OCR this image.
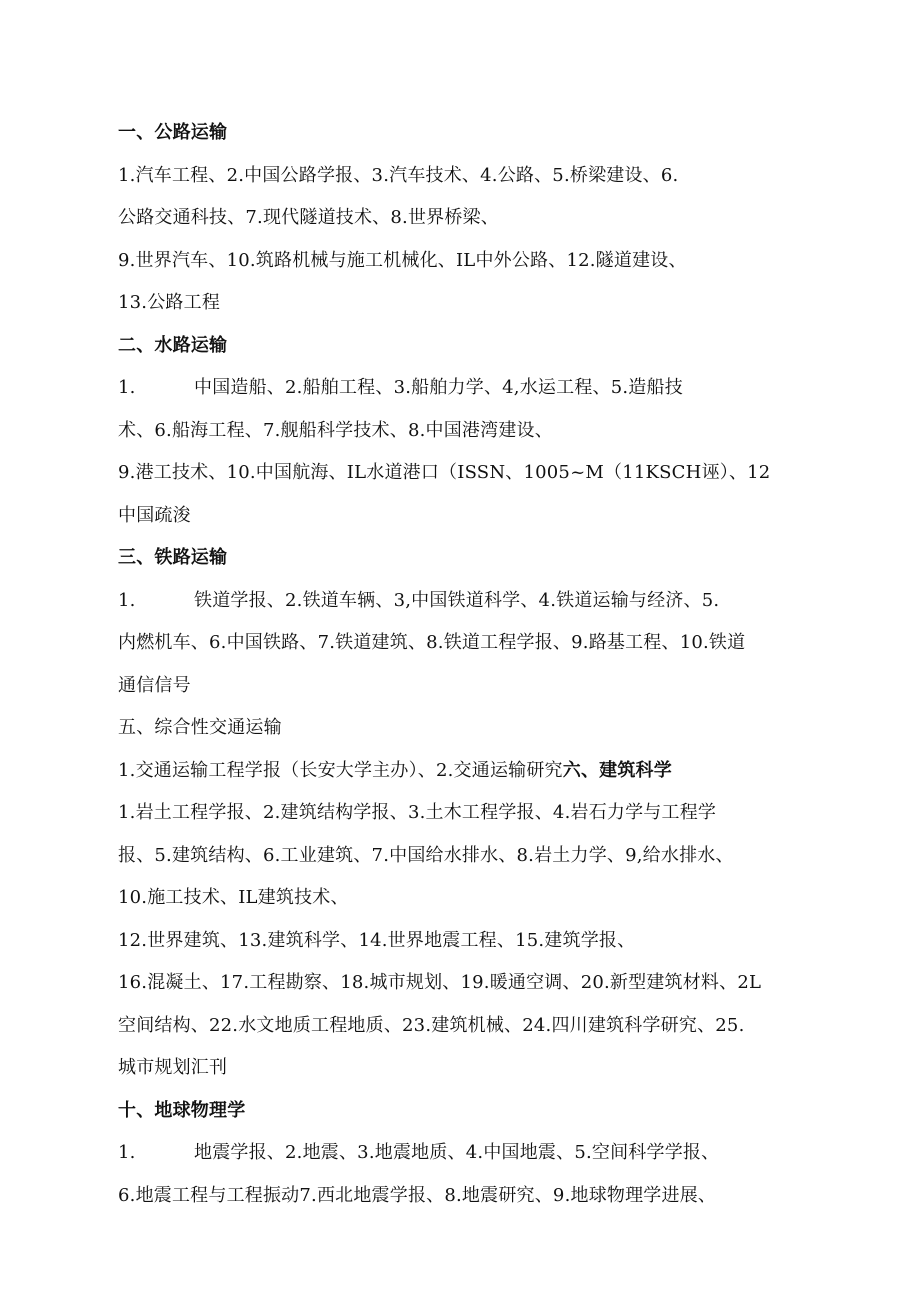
一、公路运输
1.汽车工程、2.中国公路学报、3.汽车技术、4.公路、5.桥梁建设、6.
公路交通科技、7.现代隧道技术、8.世界桥梁、
9.世界汽车、10.筑路机械与施工机械化、IL中外公路、12.隧道建设、
13.公路工程
二、水路运输
1.	中国造船、2.船舶工程、3.船舶力学、4,水运工程、5.造船技
术、6.船海工程、7.舰船科学技术、8.中国港湾建设、
9.港工技术、10.中国航海、IL水道港口（ISSN、1005~M（11KSCH诬）、12
中国疏浚
三、铁路运输
1.	铁道学报、2.铁道车辆、3,中国铁道科学、4.铁道运输与经济、5.
内燃机车、6.中国铁路、7.铁道建筑、8.铁道工程学报、9.路基工程、10.铁道
通信信号
五、综合性交通运输
1.交通运输工程学报（长安大学主办）、2.交通运输研究六、建筑科学
1.岩土工程学报、2.建筑结构学报、3.土木工程学报、4.岩石力学与工程学
报、5.建筑结构、6.工业建筑、7.中国给水排水、8.岩土力学、9,给水排水、
10.施工技术、IL建筑技术、
12.世界建筑、13.建筑科学、14.世界地震工程、15.建筑学报、
16.混凝土、17.工程勘察、18.城市规划、19.暖通空调、20.新型建筑材料、2L
空间结构、22.水文地质工程地质、23.建筑机械、24.四川建筑科学研究、25.
城市规划汇刊
十、地球物理学
1.	地震学报、2.地震、3.地震地质、4.中国地震、5.空间科学学报、
6.地震工程与工程振动7.西北地震学报、8.地震研究、9.地球物理学进展、
